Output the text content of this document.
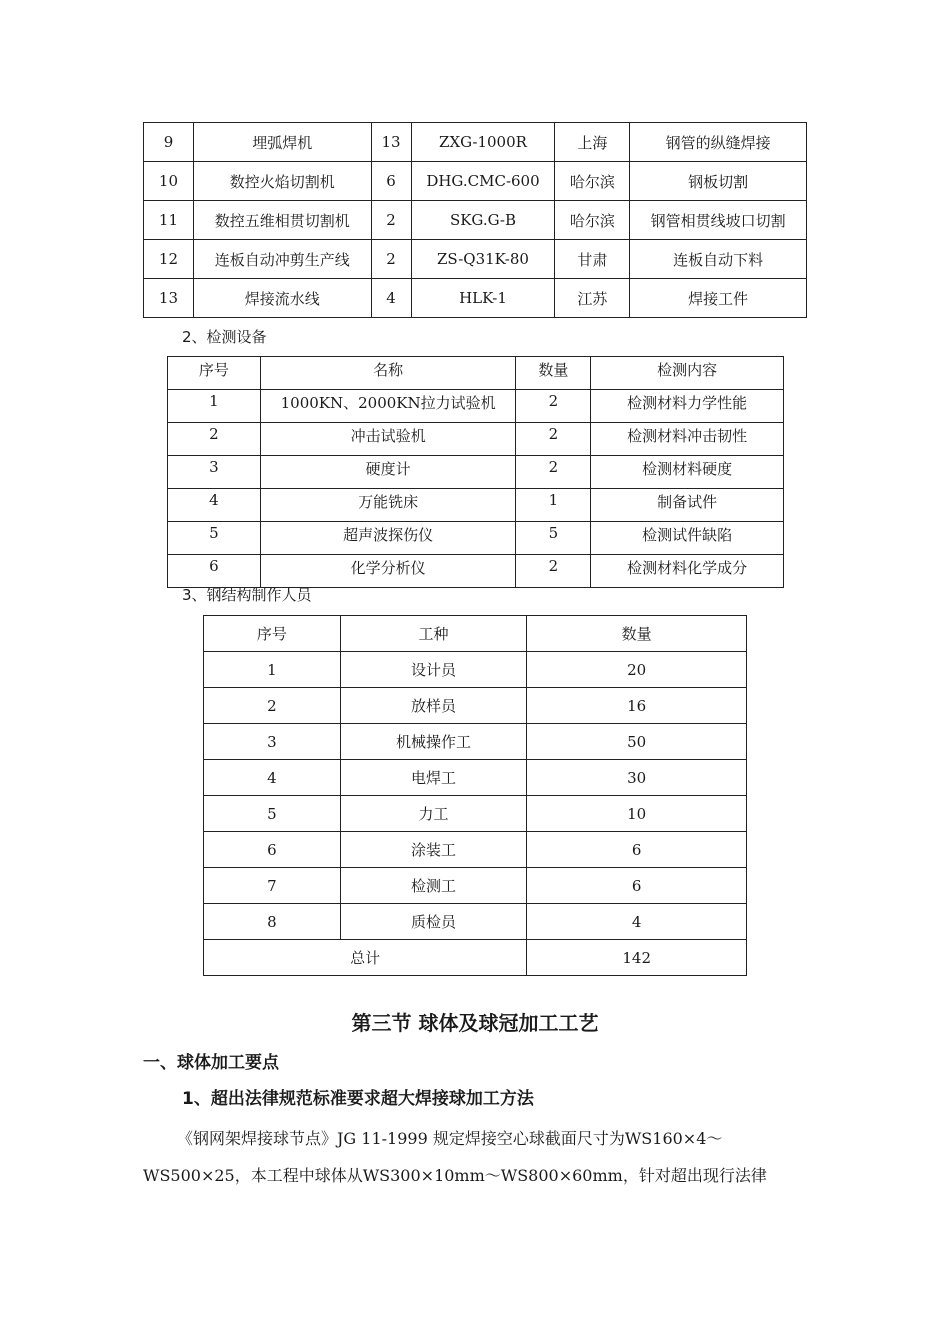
9	埋弧焊机	13	ZXG-1000R	上海	钢管的纵缝焊接
10	数控火焰切割机	6	DHG.CMC-600	哈尔滨	钢板切割
11	数控五维相贯切割机	2	SKG.G-B	哈尔滨	钢管相贯线坡口切割
12	连板自动冲剪生产线	2	ZS-Q31K-80	甘肃	连板自动下料
13	焊接流水线	4	HLK-1	江苏	焊接工件
2、检测设备
序号	名称	数量	检测内容
1	1000KN、2000KN拉力试验机	2	检测材料力学性能
2	冲击试验机	2	检测材料冲击韧性
3	硬度计	2	检测材料硬度
4	万能铣床	1	制备试件
5	超声波探伤仪	5	检测试件缺陷
6	化学分析仪	2	检测材料化学成分
3、钢结构制作人员
序号	工种	数量
1	设计员	20
2	放样员	16
3	机械操作工	50
4	电焊工	30
5	力工	10
6	涂装工	6
7	检测工	6
8	质检员	4
总计		142
第三节 球体及球冠加工工艺
一、球体加工要点
1、超出法律规范标准要求超大焊接球加工方法
《钢网架焊接球节点》JG 11-1999 规定焊接空心球截面尺寸为WS160×4～WS500×25，本工程中球体从WS300×10mm～WS800×60mm，针对超出现行法律
